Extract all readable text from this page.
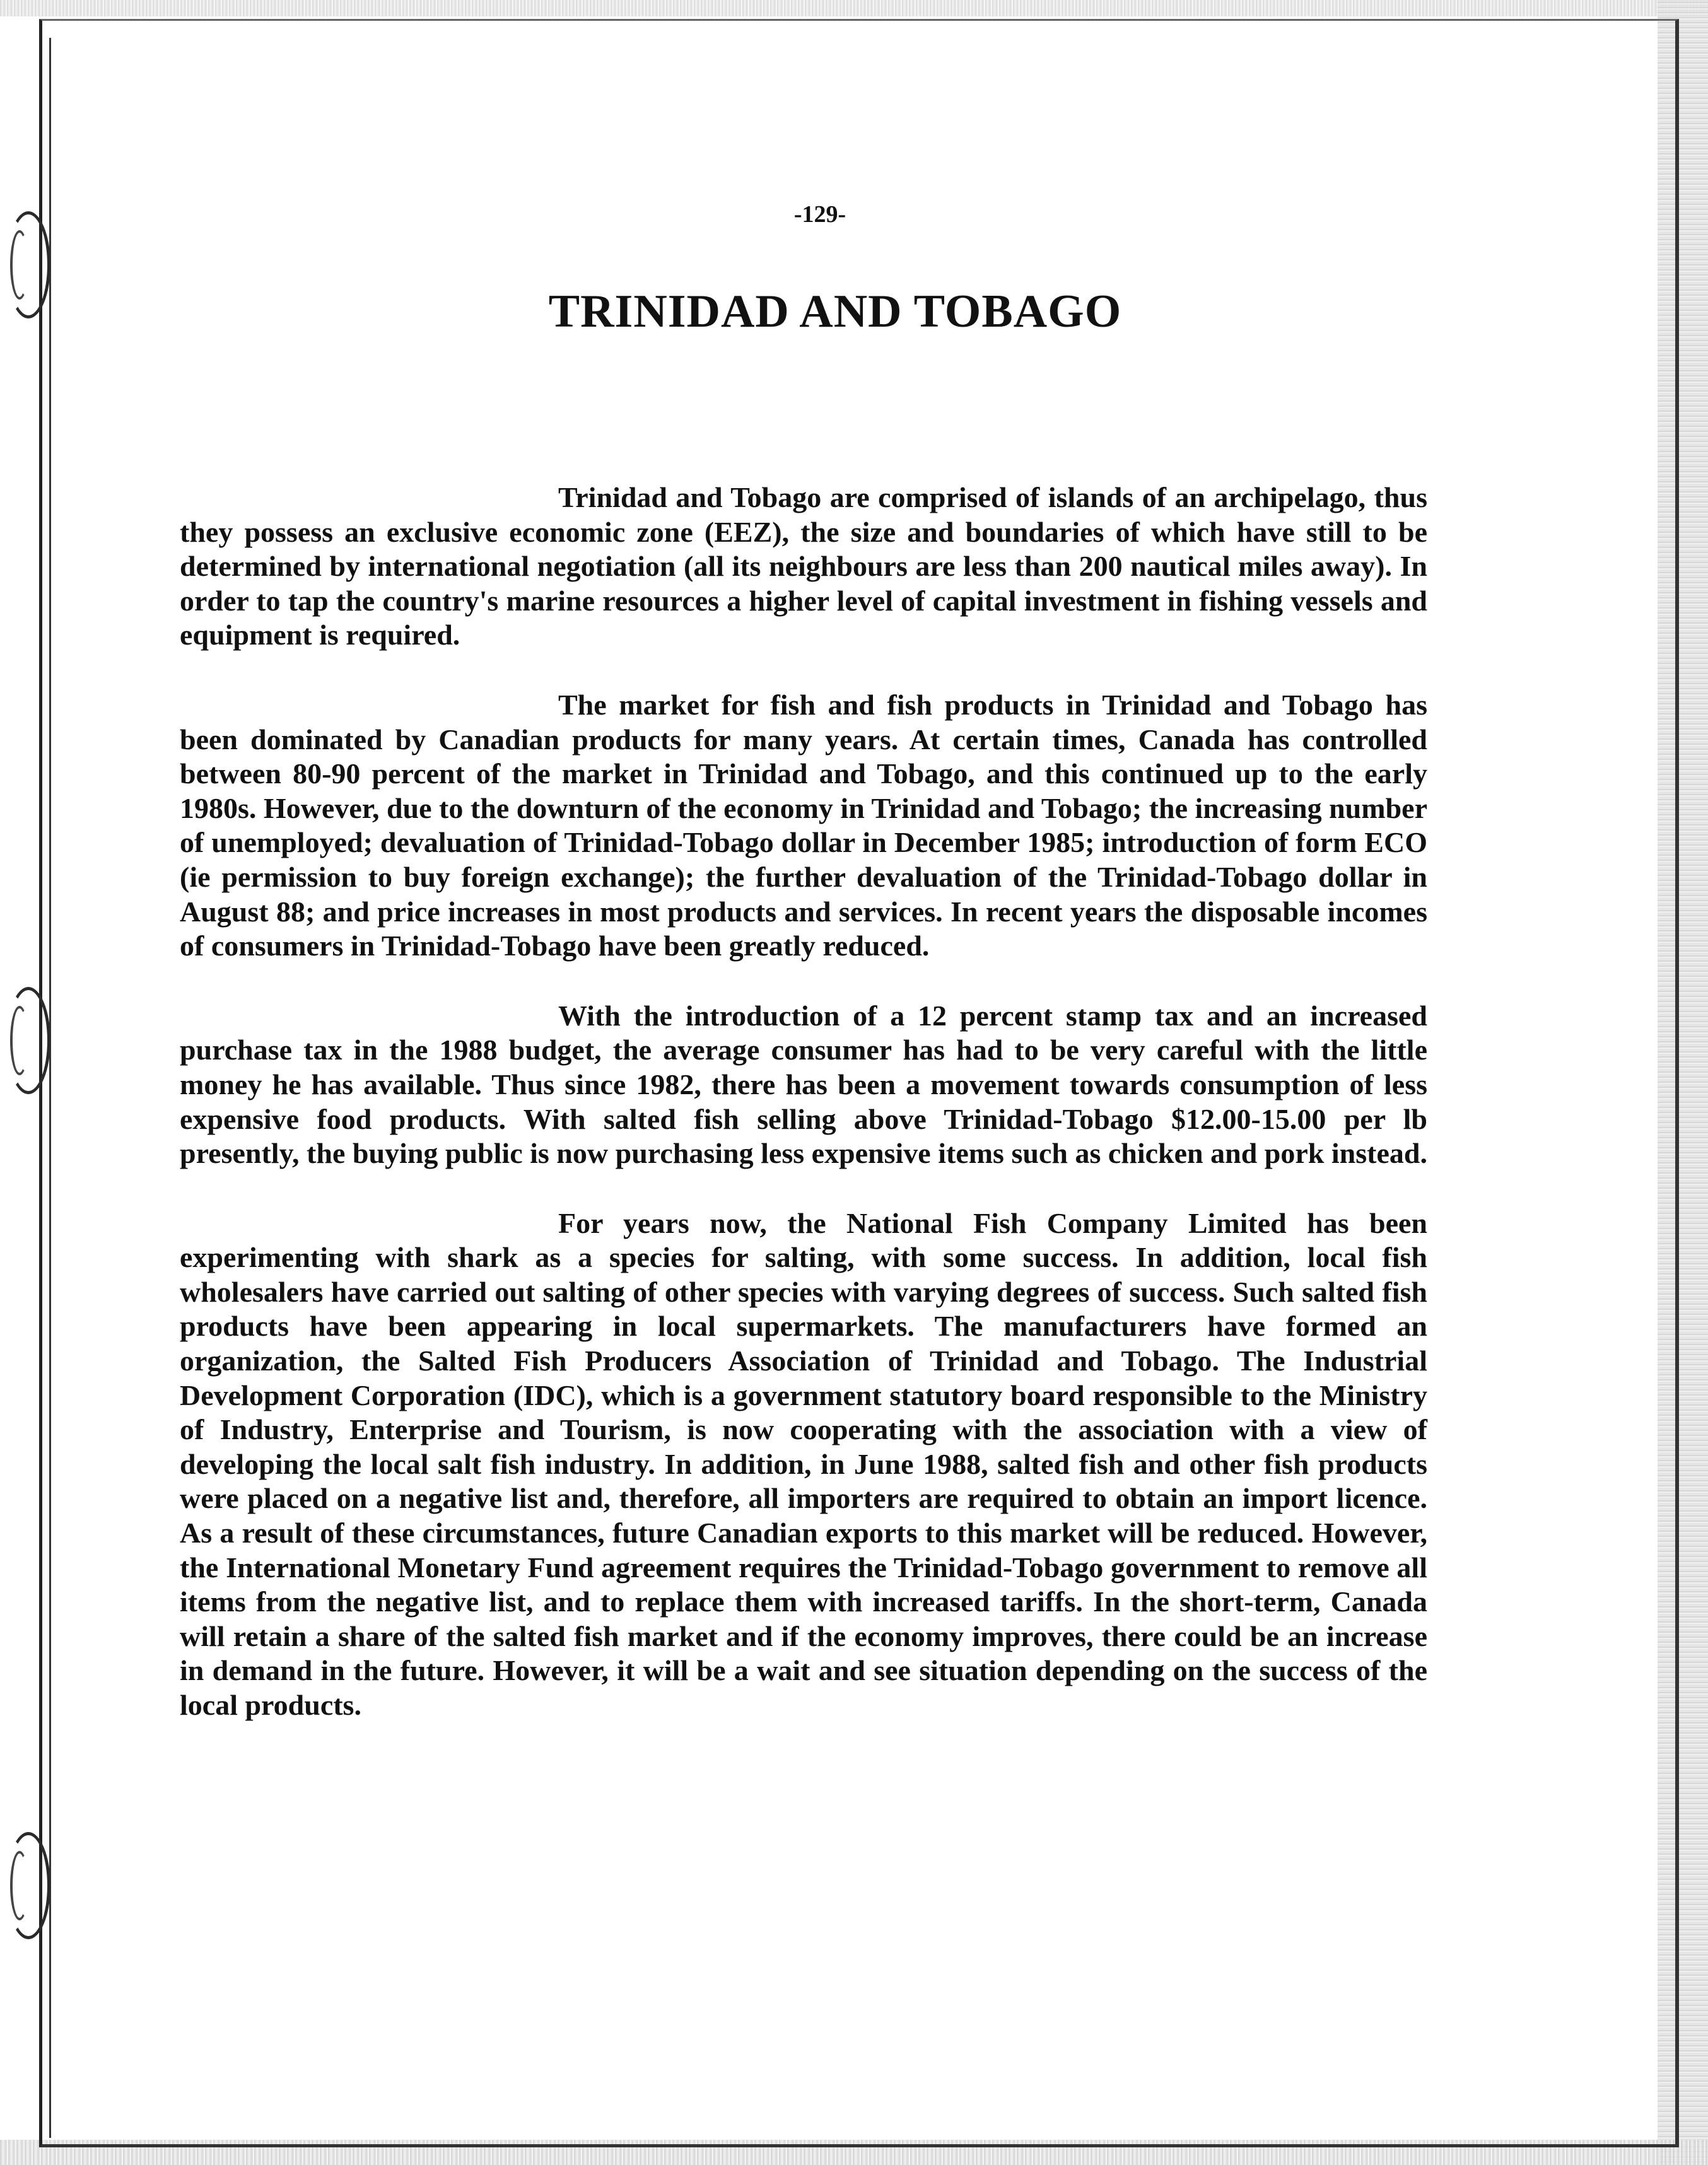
-129-
TRINIDAD AND TOBAGO

Trinidad and Tobago are comprised of islands of an archipelago, thus they possess an exclusive economic zone (EEZ), the size and boundaries of which have still to be determined by international negotiation (all its neighbours are less than 200 nautical miles away). In order to tap the country's marine resources a higher level of capital investment in fishing vessels and equipment is required.

The market for fish and fish products in Trinidad and Tobago has been dominated by Canadian products for many years. At certain times, Canada has controlled between 80-90 percent of the market in Trinidad and Tobago, and this continued up to the early 1980s. However, due to the downturn of the economy in Trinidad and Tobago; the increasing number of unemployed; devaluation of Trinidad-Tobago dollar in December 1985; introduction of form ECO (ie permission to buy foreign exchange); the further devaluation of the Trinidad-Tobago dollar in August 88; and price increases in most products and services. In recent years the disposable incomes of consumers in Trinidad-Tobago have been greatly reduced.

With the introduction of a 12 percent stamp tax and an increased purchase tax in the 1988 budget, the average consumer has had to be very careful with the little money he has available. Thus since 1982, there has been a movement towards consumption of less expensive food products. With salted fish selling above Trinidad-Tobago $12.00-15.00 per lb presently, the buying public is now purchasing less expensive items such as chicken and pork instead.

For years now, the National Fish Company Limited has been experimenting with shark as a species for salting, with some success. In addition, local fish wholesalers have carried out salting of other species with varying degrees of success. Such salted fish products have been appearing in local supermarkets. The manufacturers have formed an organization, the Salted Fish Producers Association of Trinidad and Tobago. The Industrial Development Corporation (IDC), which is a government statutory board responsible to the Ministry of Industry, Enterprise and Tourism, is now cooperating with the association with a view of developing the local salt fish industry. In addition, in June 1988, salted fish and other fish products were placed on a negative list and, therefore, all importers are required to obtain an import licence. As a result of these circumstances, future Canadian exports to this market will be reduced. However, the International Monetary Fund agreement requires the Trinidad-Tobago government to remove all items from the negative list, and to replace them with increased tariffs. In the short-term, Canada will retain a share of the salted fish market and if the economy improves, there could be an increase in demand in the future. However, it will be a wait and see situation depending on the success of the local products.
